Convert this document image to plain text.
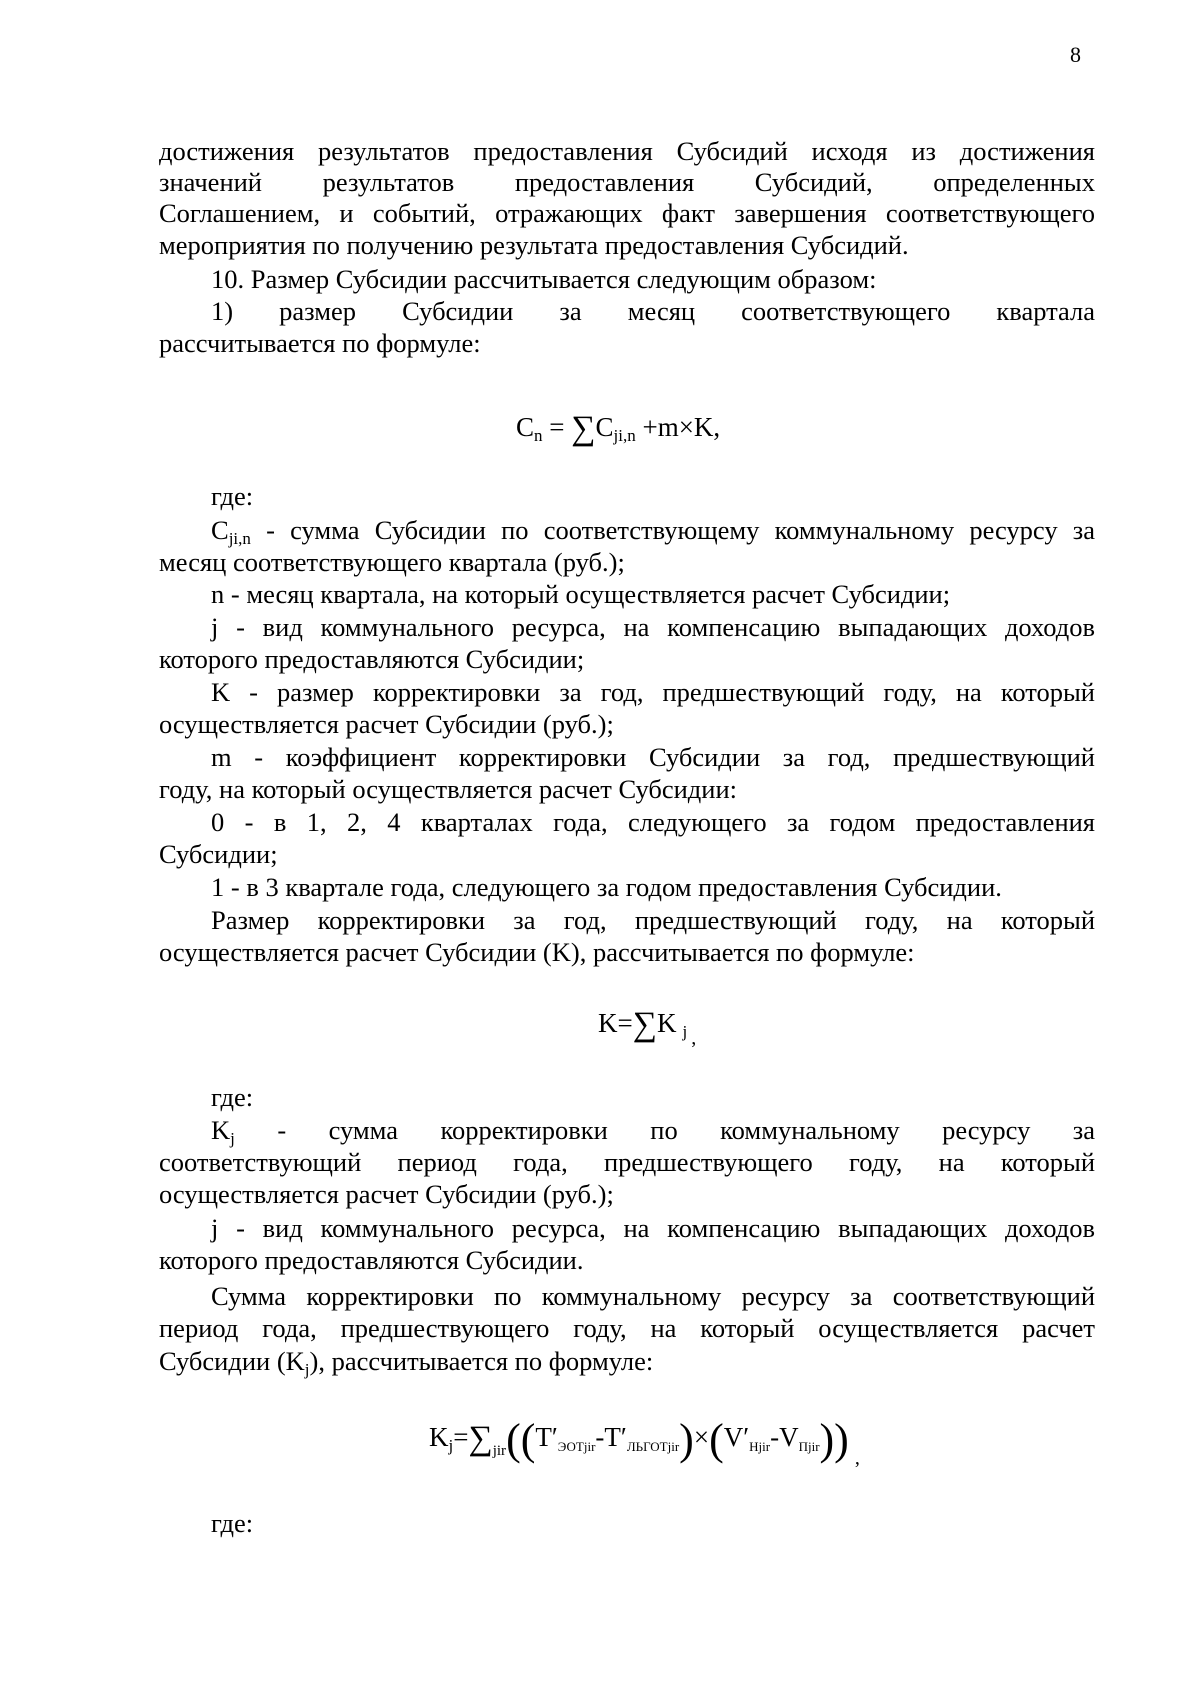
8

достижения результатов предоставления Субсидий исходя из достижения

значений результатов предоставления Субсидий, определенных

Соглашением, и событий, отражающих факт завершения соответствующего

мероприятия по получению результата предоставления Субсидий.

10. Размер Субсидии рассчитывается следующим образом:

1) размер Субсидии за месяц соответствующего квартала

рассчитывается по формуле:

$C_n = \sum C_{ji,n} +m\times K$,

где:

$C_{ji,n}$ - сумма Субсидии по соответствующему коммунальному ресурсу за

месяц соответствующего квартала (руб.);

n - месяц квартала, на который осуществляется расчет Субсидии;

j - вид коммунального ресурса, на компенсацию выпадающих доходов

которого предоставляются Субсидии;

K - размер корректировки за год, предшествующий году, на который

осуществляется расчет Субсидии (руб.);

m - коэффициент корректировки Субсидии за год, предшествующий

году, на который осуществляется расчет Субсидии:

0 - в 1, 2, 4 кварталах года, следующего за годом предоставления

Субсидии;

1 - в 3 квартале года, следующего за годом предоставления Субсидии.

Размер корректировки за год, предшествующий году, на который

осуществляется расчет Субсидии (K), рассчитывается по формуле:

K=∑K $_j$ $_,$

где:

$K_j$ - сумма корректировки по коммунальному ресурсу за

соответствующий период года, предшествующего году, на который

осуществляется расчет Субсидии (руб.);

j - вид коммунального ресурса, на компенсацию выпадающих доходов

которого предоставляются Субсидии.

Сумма корректировки по коммунальному ресурсу за соответствующий

период года, предшествующего году, на который осуществляется расчет

Субсидии $(K_j)$, рассчитывается по формуле:

$K_j=\sum_{jir}((T'_{ЭОТjir}-T'_{ЛЬГОТjir})\times(V'_{Нjir}-V_{Пjir}))$ $_,$

где:
